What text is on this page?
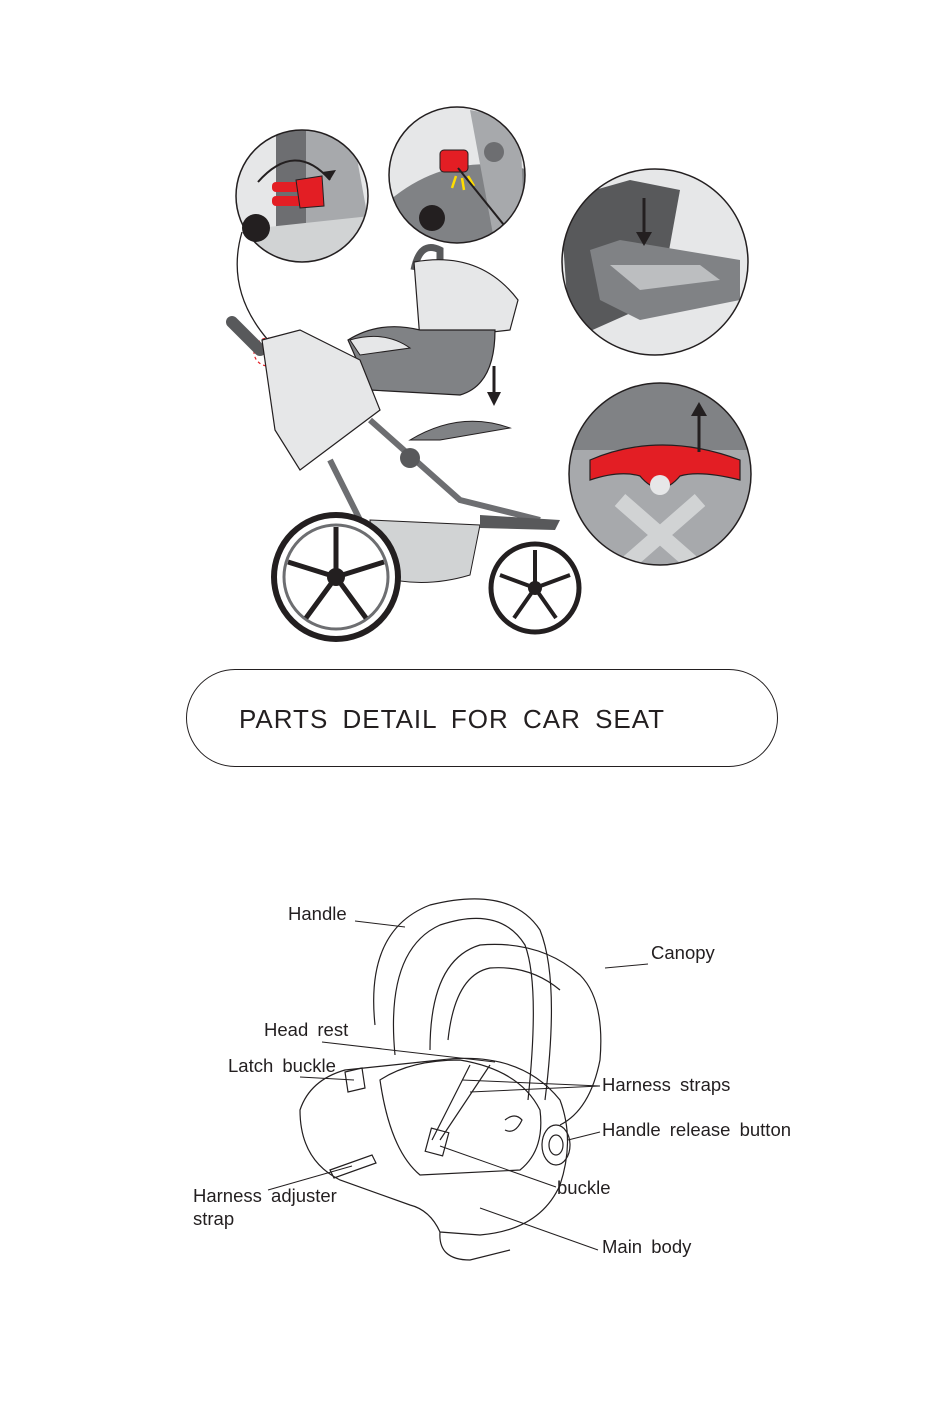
PARTS DETAIL FOR CAR SEAT
Handle
Canopy
Head rest
Latch buckle
Harness straps
Handle release button
buckle
Harness adjuster
strap
Main body
